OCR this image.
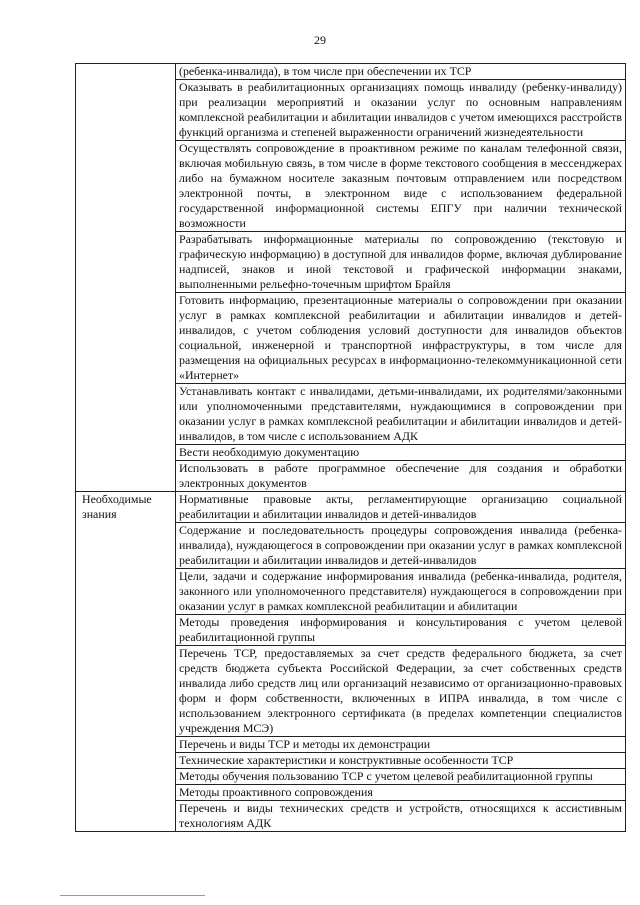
29
	(ребенка-инвалида), в том числе при обеспечении их ТСР
	Оказывать в реабилитационных организациях помощь инвалиду (ребенку-инвалиду) при реализации мероприятий и оказании услуг по основным направлениям комплексной реабилитации и абилитации инвалидов с учетом имеющихся расстройств функций организма и степеней выраженности ограничений жизнедеятельности
	Осуществлять сопровождение в проактивном режиме по каналам телефонной связи, включая мобильную связь, в том числе в форме текстового сообщения в мессенджерах либо на бумажном носителе заказным почтовым отправлением или посредством электронной почты, в электронном виде с использованием федеральной государственной информационной системы ЕПГУ при наличии технической возможности
	Разрабатывать информационные материалы по сопровождению (текстовую и графическую информацию) в доступной для инвалидов форме, включая дублирование надписей, знаков и иной текстовой и графической информации знаками, выполненными рельефно-точечным шрифтом Брайля
	Готовить информацию, презентационные материалы о сопровождении при оказании услуг в рамках комплексной реабилитации и абилитации инвалидов и детей-инвалидов, с учетом соблюдения условий доступности для инвалидов объектов социальной, инженерной и транспортной инфраструктуры, в том числе для размещения на официальных ресурсах в информационно-телекоммуникационной сети «Интернет»
	Устанавливать контакт с инвалидами, детьми-инвалидами, их родителями/законными или уполномоченными представителями, нуждающимися в сопровождении при оказании услуг в рамках комплексной реабилитации и абилитации инвалидов и детей-инвалидов, в том числе с использованием АДК
	Вести необходимую документацию
	Использовать в работе программное обеспечение для создания и обработки электронных документов
Необходимые знания	Нормативные правовые акты, регламентирующие организацию социальной реабилитации и абилитации инвалидов и детей-инвалидов
	Содержание и последовательность процедуры сопровождения инвалида (ребенка-инвалида), нуждающегося в сопровождении при оказании услуг в рамках комплексной реабилитации и абилитации инвалидов и детей-инвалидов
	Цели, задачи и содержание информирования инвалида (ребенка-инвалида, родителя, законного или уполномоченного представителя) нуждающегося в сопровождении при оказании услуг в рамках комплексной реабилитации и абилитации
	Методы проведения информирования и консультирования с учетом целевой реабилитационной группы
	Перечень ТСР, предоставляемых за счет средств федерального бюджета, за счет средств бюджета субъекта Российской Федерации, за счет собственных средств инвалида либо средств лиц или организаций независимо от организационно-правовых форм и форм собственности, включенных в ИПРА инвалида, в том числе с использованием электронного сертификата (в пределах компетенции специалистов учреждения МСЭ)
	Перечень и виды ТСР и методы их демонстрации
	Технические характеристики и конструктивные особенности ТСР
	Методы обучения пользованию ТСР с учетом целевой реабилитационной группы
	Методы проактивного сопровождения
	Перечень и виды технических средств и устройств, относящихся к ассистивным технологиям АДК
